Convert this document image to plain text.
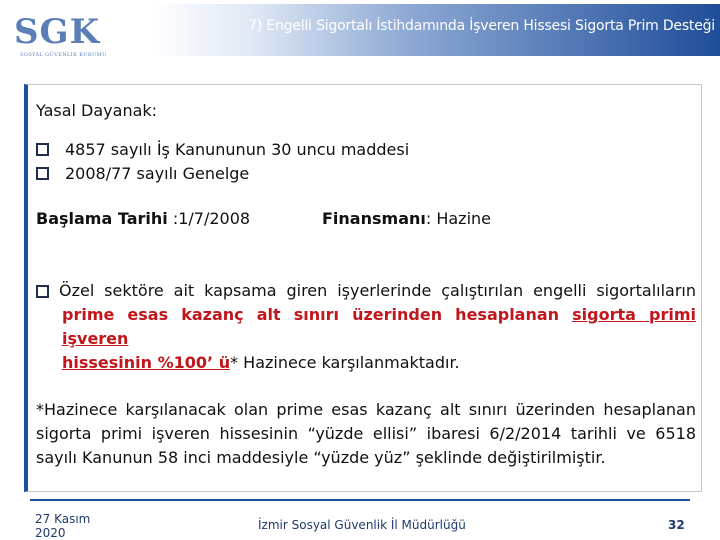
SGK
SOSYAL GÜVENLİK KURUMU
7) Engelli Sigortalı İstihdamında İşveren Hissesi Sigorta Prim Desteği
Yasal Dayanak:
4857 sayılı İş Kanununun 30 uncu maddesi
2008/77 sayılı Genelge
Başlama Tarihi :1/7/2008	Finansmanı: Hazine
Özel sektöre ait kapsama giren işyerlerinde çalıştırılan engelli sigortalıların
prime esas kazanç alt sınırı üzerinden hesaplanan sigorta primi işveren
hissesinin %100’ ü* Hazinece karşılanmaktadır.
*Hazinece karşılanacak olan prime esas kazanç alt sınırı üzerinden hesaplanan sigorta primi işveren hissesinin “yüzde ellisi” ibaresi 6/2/2014 tarihli ve 6518 sayılı Kanunun 58 inci maddesiyle “yüzde yüz” şeklinde değiştirilmiştir.
27 Kasım
2020
İzmir Sosyal Güvenlik İl Müdürlüğü	32
